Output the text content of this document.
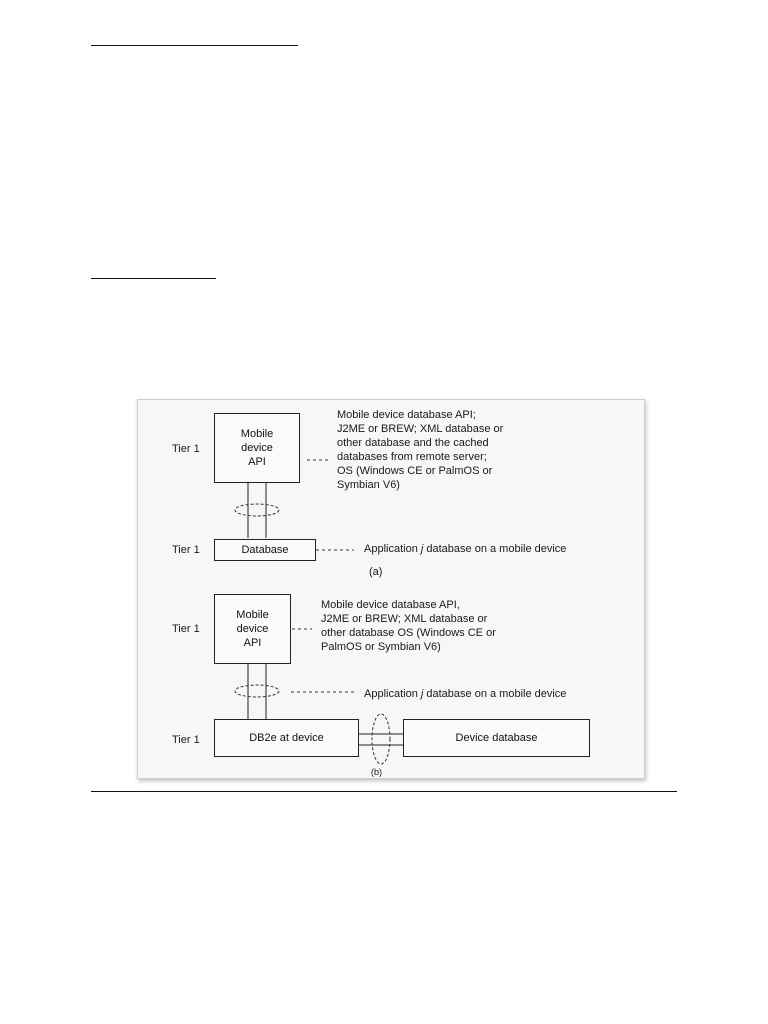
Tier 1
Mobile
device
API
Mobile device database API;
J2ME or BREW; XML database or
other database and the cached
databases from remote server;
OS (Windows CE or PalmOS or
Symbian V6)
Tier 1	Database	Application j database on a mobile device
(a)
Tier 1
Mobile
device
API
Mobile device database API,
J2ME or BREW; XML database or
other database OS (Windows CE or
PalmOS or Symbian V6)
Application j database on a mobile device
Tier 1	DB2e at device	Device database
(b)
